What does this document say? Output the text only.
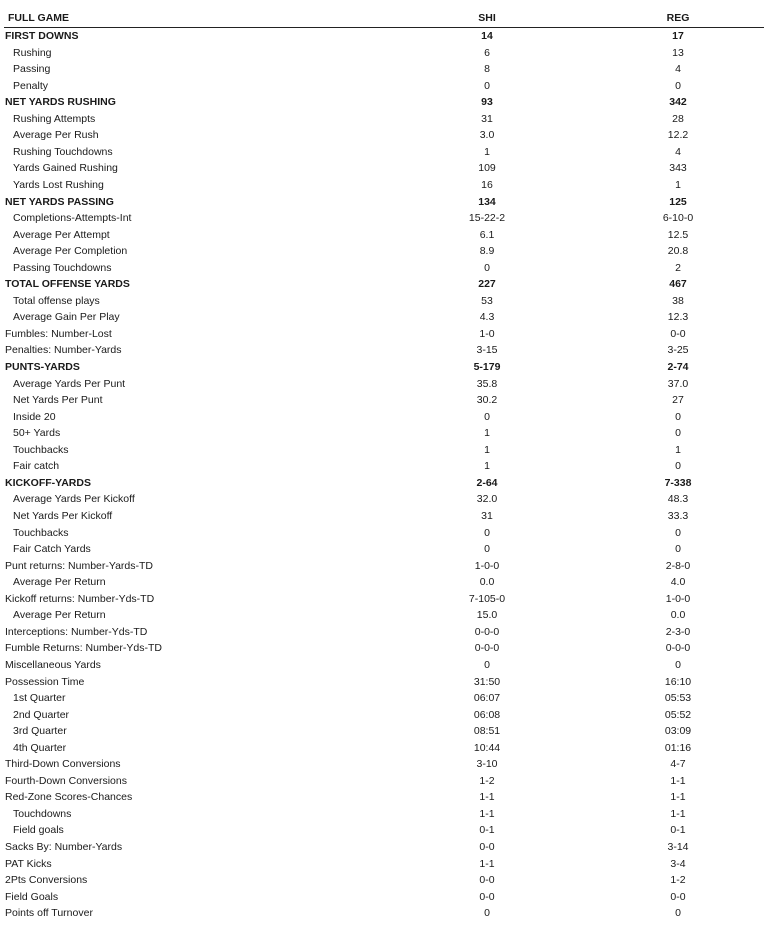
FULL GAME	SHI	REG
FIRST DOWNS	14	17
Rushing	6	13
Passing	8	4
Penalty	0	0
NET YARDS RUSHING	93	342
Rushing Attempts	31	28
Average Per Rush	3.0	12.2
Rushing Touchdowns	1	4
Yards Gained Rushing	109	343
Yards Lost Rushing	16	1
NET YARDS PASSING	134	125
Completions-Attempts-Int	15-22-2	6-10-0
Average Per Attempt	6.1	12.5
Average Per Completion	8.9	20.8
Passing Touchdowns	0	2
TOTAL OFFENSE YARDS	227	467
Total offense plays	53	38
Average Gain Per Play	4.3	12.3
Fumbles: Number-Lost	1-0	0-0
Penalties: Number-Yards	3-15	3-25
PUNTS-YARDS	5-179	2-74
Average Yards Per Punt	35.8	37.0
Net Yards Per Punt	30.2	27
Inside 20	0	0
50+ Yards	1	0
Touchbacks	1	1
Fair catch	1	0
KICKOFF-YARDS	2-64	7-338
Average Yards Per Kickoff	32.0	48.3
Net Yards Per Kickoff	31	33.3
Touchbacks	0	0
Fair Catch Yards	0	0
Punt returns: Number-Yards-TD	1-0-0	2-8-0
Average Per Return	0.0	4.0
Kickoff returns: Number-Yds-TD	7-105-0	1-0-0
Average Per Return	15.0	0.0
Interceptions: Number-Yds-TD	0-0-0	2-3-0
Fumble Returns: Number-Yds-TD	0-0-0	0-0-0
Miscellaneous Yards	0	0
Possession Time	31:50	16:10
1st Quarter	06:07	05:53
2nd Quarter	06:08	05:52
3rd Quarter	08:51	03:09
4th Quarter	10:44	01:16
Third-Down Conversions	3-10	4-7
Fourth-Down Conversions	1-2	1-1
Red-Zone Scores-Chances	1-1	1-1
Touchdowns	1-1	1-1
Field goals	0-1	0-1
Sacks By: Number-Yards	0-0	3-14
PAT Kicks	1-1	3-4
2Pts Conversions	0-0	1-2
Field Goals	0-0	0-0
Points off Turnover	0	0
